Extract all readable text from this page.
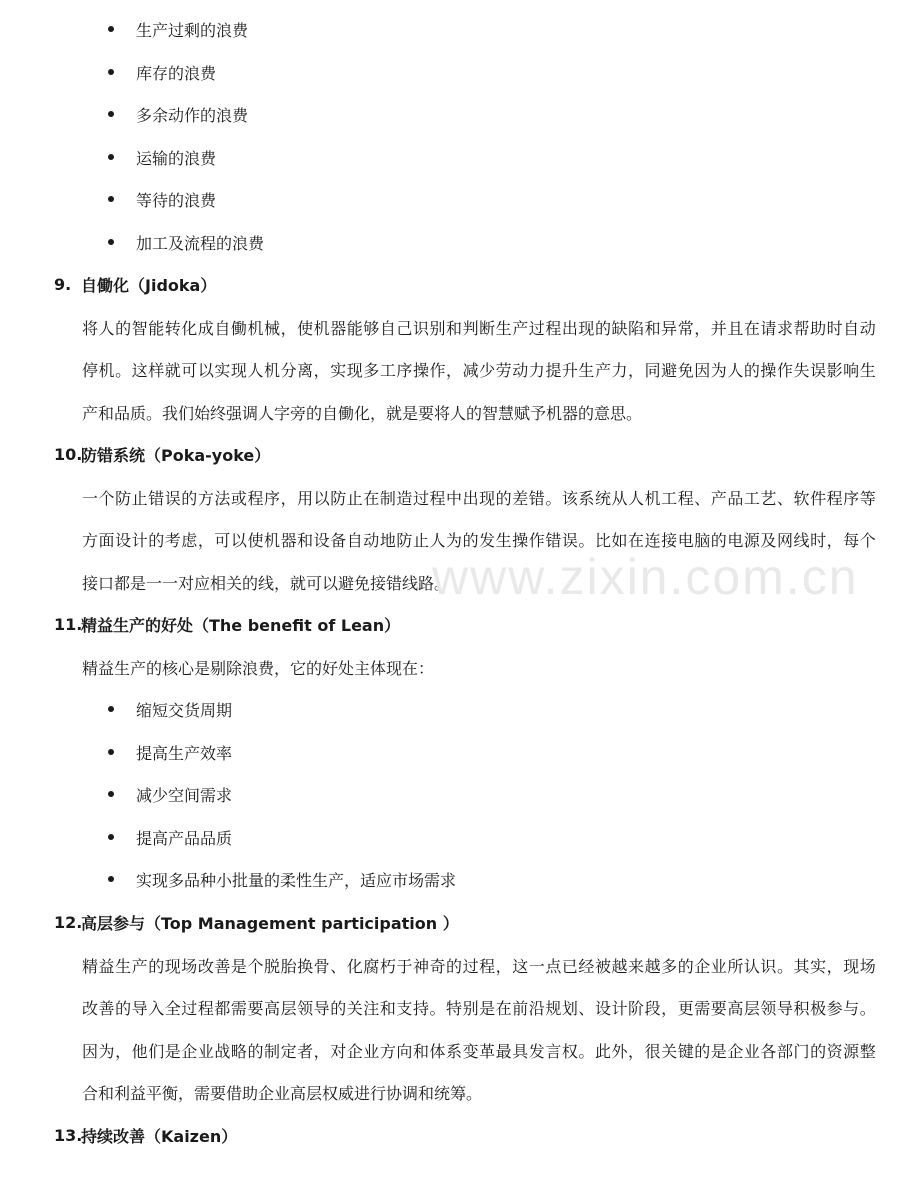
生产过剩的浪费
库存的浪费
多余动作的浪费
运输的浪费
等待的浪费
加工及流程的浪费
9. 自働化（Jidoka）
将 人 的 智 能 转 化 成 自 働 机 械 ， 使 机 器 能 够 自 己 识 别 和 判 断 生 产 过 程 出 现 的 缺 陷 和 异 常 ， 并 且 在 请 求 帮 助 时 自 动
停 机 。 这 样 就 可 以 实 现 人 机 分 离 ， 实 现 多 工 序 操 作 ， 减 少 劳 动 力 提 升 生 产 力 ， 同 避 免 因 为 人 的 操 作 失 误 影 响 生
产和品质。我们始终强调人字旁的自働化，就是要将人的智慧赋予机器的意思。
10.
防错系统（Poka-yoke）
一 个 防 止 错 误 的 方 法 或 程 序 ， 用 以 防 止 在 制 造 过 程 中 出 现 的 差 错 。 该 系 统 从 人 机 工 程 、 产 品 工 艺 、 软 件 程 序 等
方 面 设 计 的 考 虑 ， 可 以 使 机 器 和 设 备 自 动 地 防 止 人 为 的 发 生 操 作 错 误 。 比 如 在 连 接 电 脑 的 电 源 及 网 线 时 ， 每 个
接口都是一一对应相关的线，就可以避免接错线路。
11.
精益生产的好处（The benefit of Lean）
精益生产的核心是剔除浪费，它的好处主体现在：
缩短交货周期
提高生产效率
减少空间需求
提高产品品质
实现多品种小批量的柔性生产，适应市场需求
12.
高层参与（Top Management participation ）
精 益 生 产 的 现 场 改 善 是 个 脱 胎 换 骨 、 化 腐 朽 于 神 奇 的 过 程 ， 这 一 点 已 经 被 越 来 越 多 的 企 业 所 认 识 。 其 实 ， 现 场
改 善 的 导 入 全 过 程 都 需 要 高 层 领 导 的 关 注 和 支 持 。 特 别 是 在 前 沿 规 划 、 设 计 阶 段 ， 更 需 要 高 层 领 导 积 极 参 与 。
因 为 ， 他 们 是 企 业 战 略 的 制 定 者 ， 对 企 业 方 向 和 体 系 变 革 最 具 发 言 权 。 此 外 ， 很 关 键 的 是 企 业 各 部 门 的 资 源 整
合和利益平衡，需要借助企业高层权威进行协调和统筹。
13.
持续改善（Kaizen）
www.zixin.com.cn
